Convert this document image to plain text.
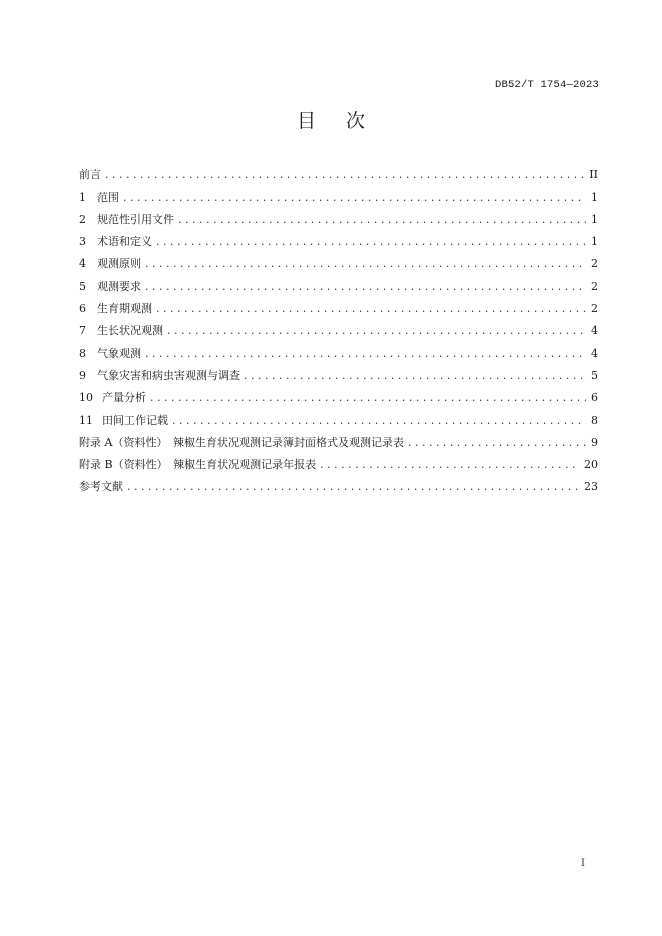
DB52/T 1754—2023
目次
前言 .....	II
1	范围 .....	1
2	规范性引用文件 .....	1
3	术语和定义 .....	1
4	观测原则 .....	2
5	观测要求 .....	2
6	生育期观测 .....	2
7	生长状况观测 .....	4
8	气象观测 .....	4
9	气象灾害和病虫害观测与调查 .....	5
10 产量分析 .....	6
11 田间工作记载 .....	8
附录 A（资料性）　辣椒生育状况观测记录簿封面格式及观测记录表 .....	9
附录 B（资料性）　辣椒生育状况观测记录年报表 .....	20
参考文献 .....	23
I
